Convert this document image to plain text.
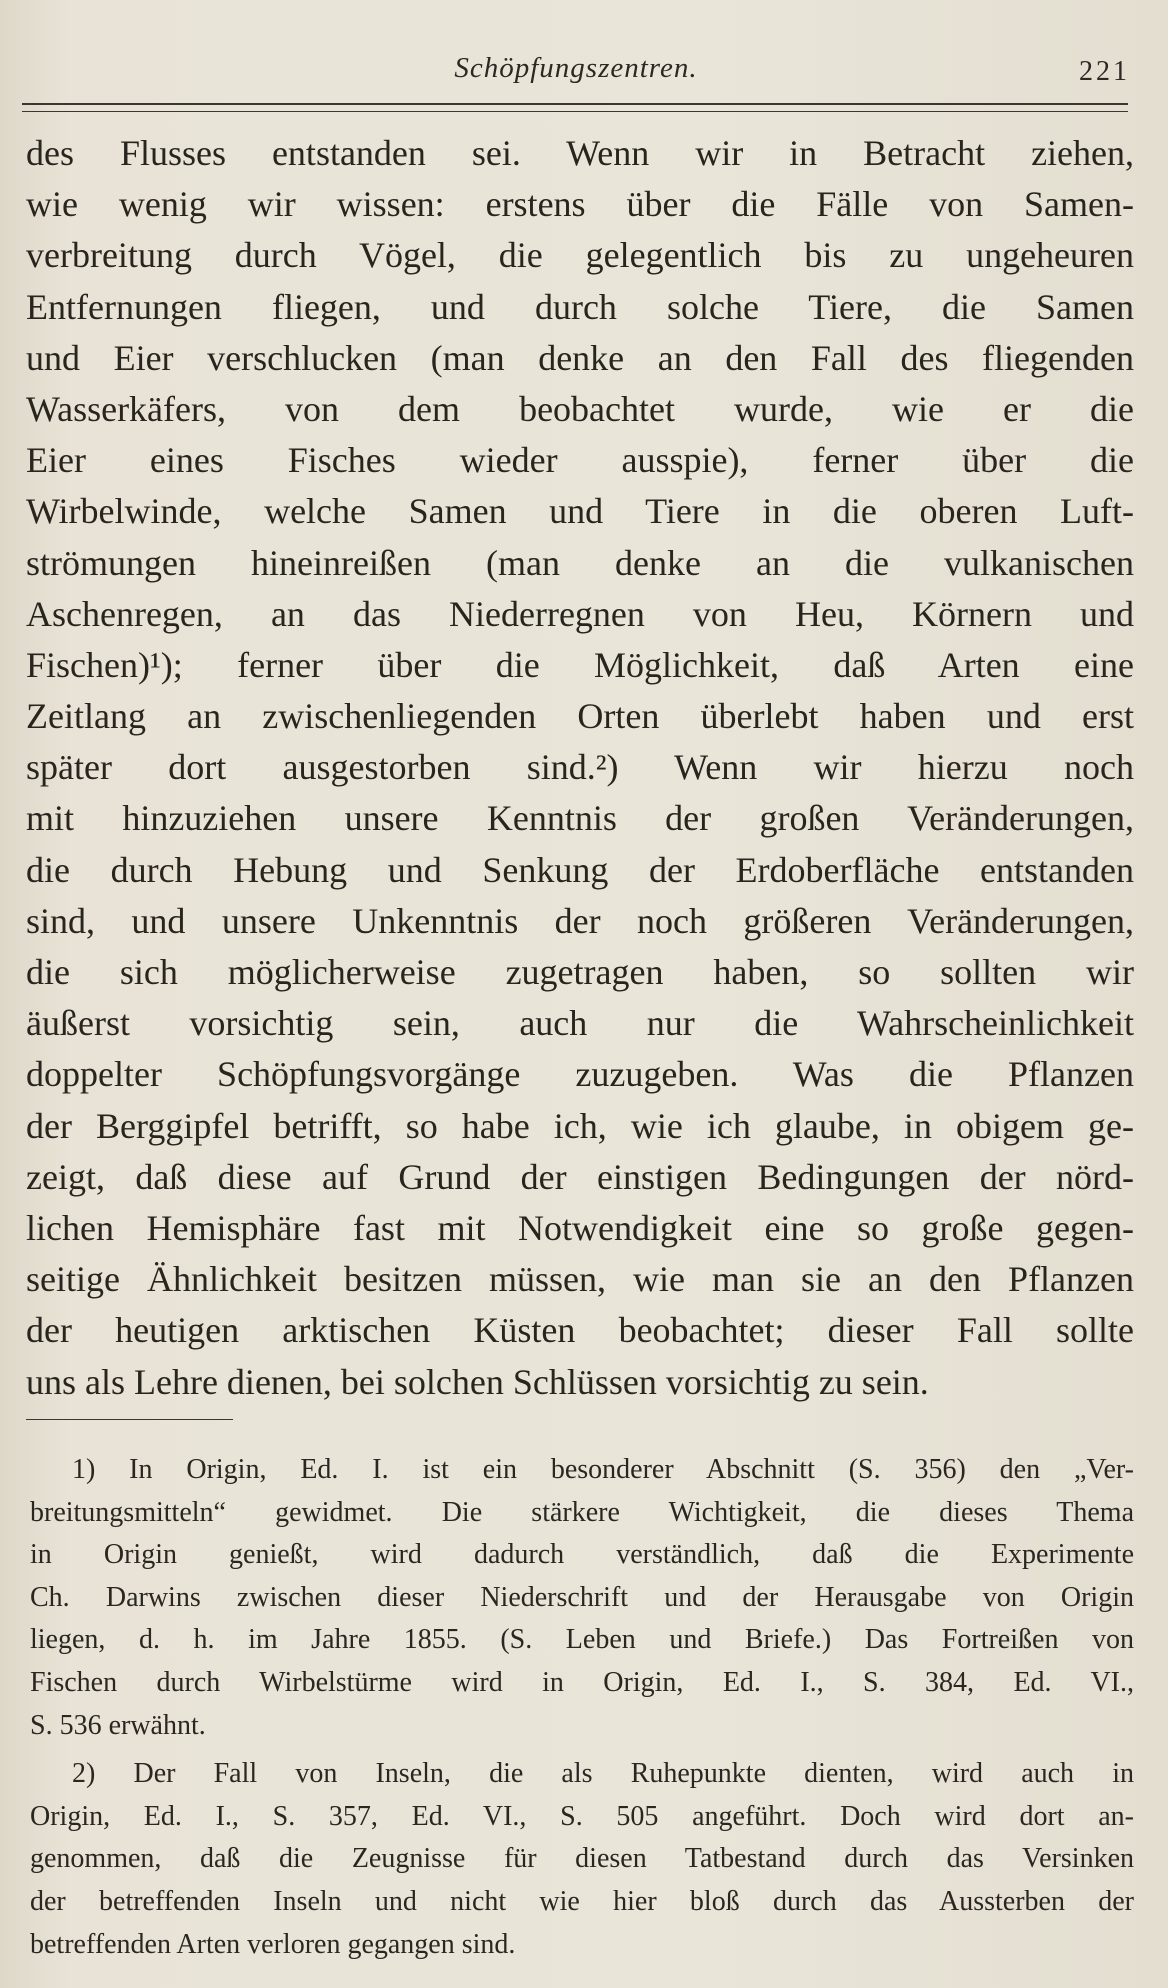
Schöpfungszentren.	221
des Flusses entstanden sei. Wenn wir in Betracht ziehen,
wie wenig wir wissen: erstens über die Fälle von Samen-
verbreitung durch Vögel, die gelegentlich bis zu ungeheuren
Entfernungen fliegen, und durch solche Tiere, die Samen
und Eier verschlucken (man denke an den Fall des fliegenden
Wasserkäfers, von dem beobachtet wurde, wie er die
Eier eines Fisches wieder ausspie), ferner über die
Wirbelwinde, welche Samen und Tiere in die oberen Luft-
strömungen hineinreißen (man denke an die vulkanischen
Aschenregen, an das Niederregnen von Heu, Körnern und
Fischen)¹); ferner über die Möglichkeit, daß Arten eine
Zeitlang an zwischenliegenden Orten überlebt haben und erst
später dort ausgestorben sind.²) Wenn wir hierzu noch
mit hinzuziehen unsere Kenntnis der großen Veränderungen,
die durch Hebung und Senkung der Erdoberfläche entstanden
sind, und unsere Unkenntnis der noch größeren Veränderungen,
die sich möglicherweise zugetragen haben, so sollten wir
äußerst vorsichtig sein, auch nur die Wahrscheinlichkeit
doppelter Schöpfungsvorgänge zuzugeben. Was die Pflanzen
der Berggipfel betrifft, so habe ich, wie ich glaube, in obigem ge-
zeigt, daß diese auf Grund der einstigen Bedingungen der nörd-
lichen Hemisphäre fast mit Notwendigkeit eine so große gegen-
seitige Ähnlichkeit besitzen müssen, wie man sie an den Pflanzen
der heutigen arktischen Küsten beobachtet; dieser Fall sollte
uns als Lehre dienen, bei solchen Schlüssen vorsichtig zu sein.
1) In Origin, Ed. I. ist ein besonderer Abschnitt (S. 356) den „Ver-
breitungsmitteln“ gewidmet. Die stärkere Wichtigkeit, die dieses Thema
in Origin genießt, wird dadurch verständlich, daß die Experimente
Ch. Darwins zwischen dieser Niederschrift und der Herausgabe von Origin
liegen, d. h. im Jahre 1855. (S. Leben und Briefe.) Das Fortreißen von
Fischen durch Wirbelstürme wird in Origin, Ed. I., S. 384, Ed. VI.,
S. 536 erwähnt.
2) Der Fall von Inseln, die als Ruhepunkte dienten, wird auch in
Origin, Ed. I., S. 357, Ed. VI., S. 505 angeführt. Doch wird dort an-
genommen, daß die Zeugnisse für diesen Tatbestand durch das Versinken
der betreffenden Inseln und nicht wie hier bloß durch das Aussterben der
betreffenden Arten verloren gegangen sind.
